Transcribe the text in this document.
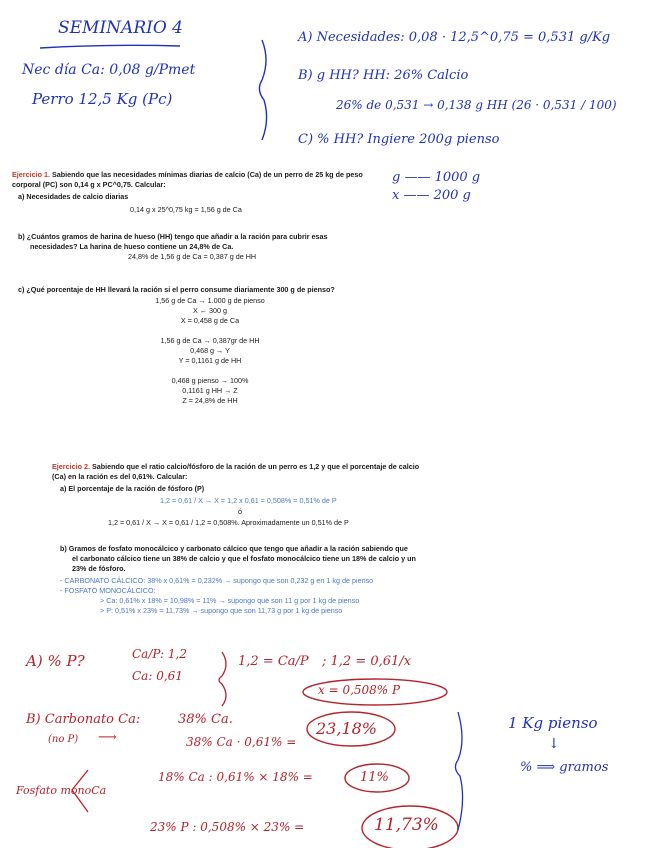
SEMINARIO 4
Nec día Ca: 0,08 g/Pmet
Perro 12,5 Kg (Pc)
A) Necesidades: 0,08 · 12,5^0,75 = 0,531 g/Kg
B) g HH? HH: 26% Calcio
26% de 0,531 → 0,138 g HH (26 · 0,531 / 100)
C) % HH? Ingiere 200g pienso
g —— 1000 g
x —— 200 g
Ejercicio 1. Sabiendo que las necesidades mínimas diarias de calcio (Ca) de un perro de 25 kg de peso
corporal (PC) son 0,14 g x PC^0,75. Calcular:
a) Necesidades de calcio diarias
0,14 g x 25^0,75 kg = 1,56 g de Ca
b) ¿Cuántos gramos de harina de hueso (HH) tengo que añadir a la ración para cubrir esas
necesidades? La harina de hueso contiene un 24,8% de Ca.
24,8% de 1,56 g de Ca = 0,387 g de HH
c) ¿Qué porcentaje de HH llevará la ración si el perro consume diariamente 300 g de pienso?
1,56 g de Ca → 1.000 g de pienso
X ← 300 g
X = 0,458 g de Ca
1,56 g de Ca → 0,387gr de HH
0,468 g → Y
Y = 0,1161 g de HH
0,468 g pienso → 100%
0,1161 g HH → Z
Z = 24,8% de HH
Ejercicio 2. Sabiendo que el ratio calcio/fósforo de la ración de un perro es 1,2 y que el porcentaje de calcio
(Ca) en la ración es del 0,61%. Calcular:
a) El porcentaje de la ración de fósforo (P)
1,2 = 0,61 / X → X = 1,2 x 0,61 = 0,508% = 0,51% de P
ó
1,2 = 0,61 / X → X = 0,61 / 1,2 = 0,508%. Aproximadamente un 0,51% de P
b) Gramos de fosfato monocálcico y carbonato cálcico que tengo que añadir a la ración sabiendo que
el carbonato cálcico tiene un 38% de calcio y que el fosfato monocálcico tiene un 18% de calcio y un
23% de fósforo.
- CARBONATO CÁLCICO: 38% x 0,61% = 0,232% → supongo que son 0,232 g en 1 kg de pienso
- FOSFATO MONOCÁLCICO:
> Ca: 0,61% x 18% = 10,98% = 11% → supongo que son 11 g por 1 kg de pienso
> P: 0,51% x 23% = 11,73% → supongo que son 11,73 g por 1 kg de pienso
A) % P?	Ca/P: 1,2
Ca: 0,61
1,2 = Ca/P ; 1,2 = 0,61/x
x = 0,508% P
B) Carbonato Ca:	38% Ca.
(no P) ⟶	38% Ca · 0,61% =
23,18%
Fosfato monoCa
18% Ca : 0,61% × 18% =	11%
23% P : 0,508% × 23% =	11,73%
1 Kg pienso
↓
% ⟹ gramos
